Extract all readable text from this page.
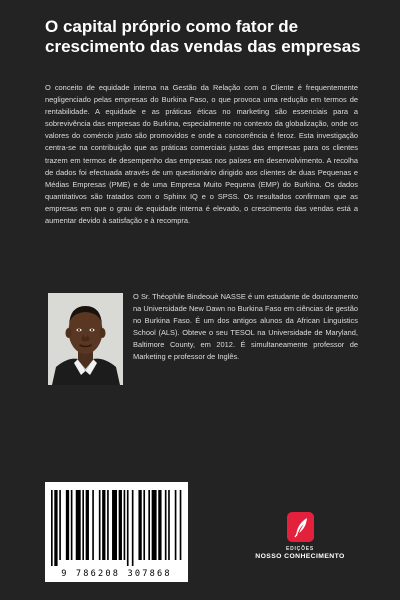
O capital próprio como fator de crescimento das vendas das empresas

O conceito de equidade interna na Gestão da Relação com o Cliente é frequentemente negligenciado pelas empresas do Burkina Faso, o que provoca uma redução em termos de rentabilidade. A equidade e as práticas éticas no marketing são essenciais para a sobrevivência das empresas do Burkina, especialmente no contexto da globalização, onde os valores do comércio justo são promovidos e onde a concorrência é feroz. Esta investigação centra-se na contribuição que as práticas comerciais justas das empresas para os clientes trazem em termos de desempenho das empresas nos países em desenvolvimento. A recolha de dados foi efectuada através de um questionário dirigido aos clientes de duas Pequenas e Médias Empresas (PME) e de uma Empresa Muito Pequena (EMP) do Burkina. Os dados quantitativos são tratados com o Sphinx IQ e o SPSS. Os resultados confirmam que as empresas em que o grau de equidade interna é elevado, o crescimento das vendas está a aumentar devido à satisfação e à recompra.

O Sr. Théophile Bindeouè NASSE é um estudante de doutoramento na Universidade New Dawn no Burkina Faso em ciências de gestão no Burkina Faso. É um dos antigos alunos da African Linguistics School (ALS). Obteve o seu TESOL na Universidade de Maryland, Baltimore County, em 2012. É simultaneamente professor de Marketing e professor de Inglês.

9 786208 307868
EDIÇÕES
NOSSO CONHECIMENTO
